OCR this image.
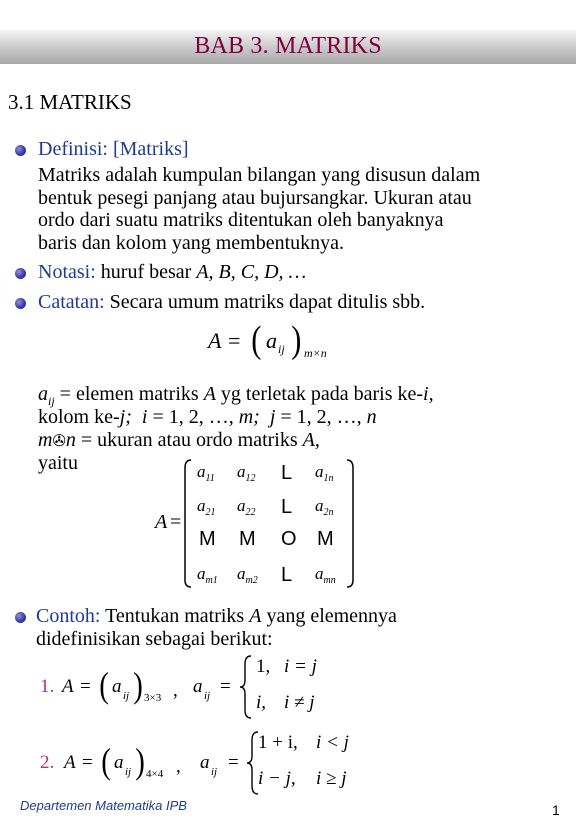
BAB 3. MATRIKS
3.1 MATRIKS
Definisi: [Matriks]
Matriks adalah kumpulan bilangan yang disusun dalam
bentuk pesegi panjang atau bujursangkar. Ukuran atau
ordo dari suatu matriks ditentukan oleh banyaknya
baris dan kolom yang membentuknya.
Notasi: huruf besar A, B, C, D, …
Catatan: Secara umum matriks dapat ditulis sbb.
A = ( a ij ) m×n
$a_{ij}$ = elemen matriks A yg terletak pada baris ke-i,
kolom ke-j; i = 1, 2, …, m; j = 1, 2, …, n
m✇n = ukuran atau ordo matriks A,
yaitu
A =
$a_{11}$ $a_{12}$ L $a_{1n}$
$a_{21}$ $a_{22}$ L $a_{2n}$
M M O M
$a_{m1}$ $a_{m2}$ L $a_{mn}$
Contoh: Tentukan matriks A yang elemennya
didefinisikan sebagai berikut:
1. A = ( a ij ) 3×3 , a ij =
1, i = j
i, i ≠ j
2. A = ( a ij ) 4×4 , a ij =
1 + i, i < j
i − j, i ≥ j
Departemen Matematika IPB	1
